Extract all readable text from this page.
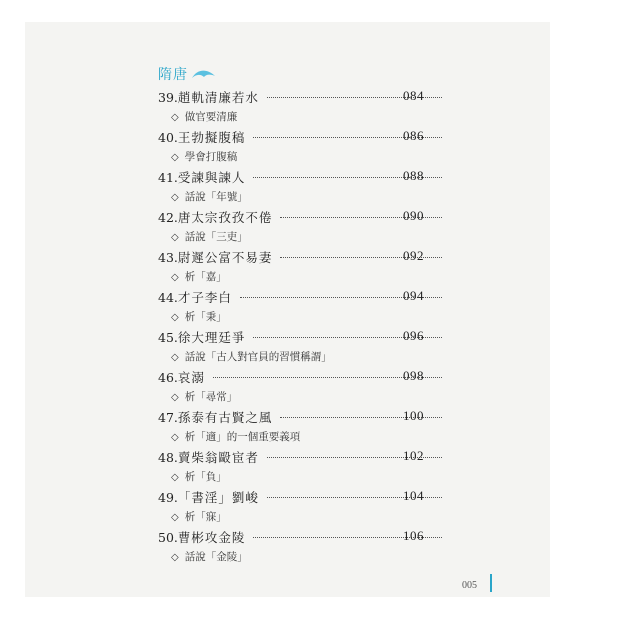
隋唐
39. 趙軌清廉若水	084
◇ 做官要清廉
40. 王勃擬腹稿	086
◇ 學會打腹稿
41. 受諫與諫人	088
◇ 話說「年號」
42. 唐太宗孜孜不倦	090
◇ 話說「三吏」
43. 尉遲公富不易妻	092
◇ 析「嘉」
44. 才子李白	094
◇ 析「秉」
45. 徐大理廷爭	096
◇ 話說「古人對官員的習慣稱謂」
46. 哀溺	098
◇ 析「尋常」
47. 孫泰有古賢之風	100
◇ 析「適」的一個重要義項
48. 賣柴翁毆宦者	102
◇ 析「負」
49. 「書淫」劉峻	104
◇ 析「寐」
50. 曹彬攻金陵	106
◇ 話說「金陵」
005
